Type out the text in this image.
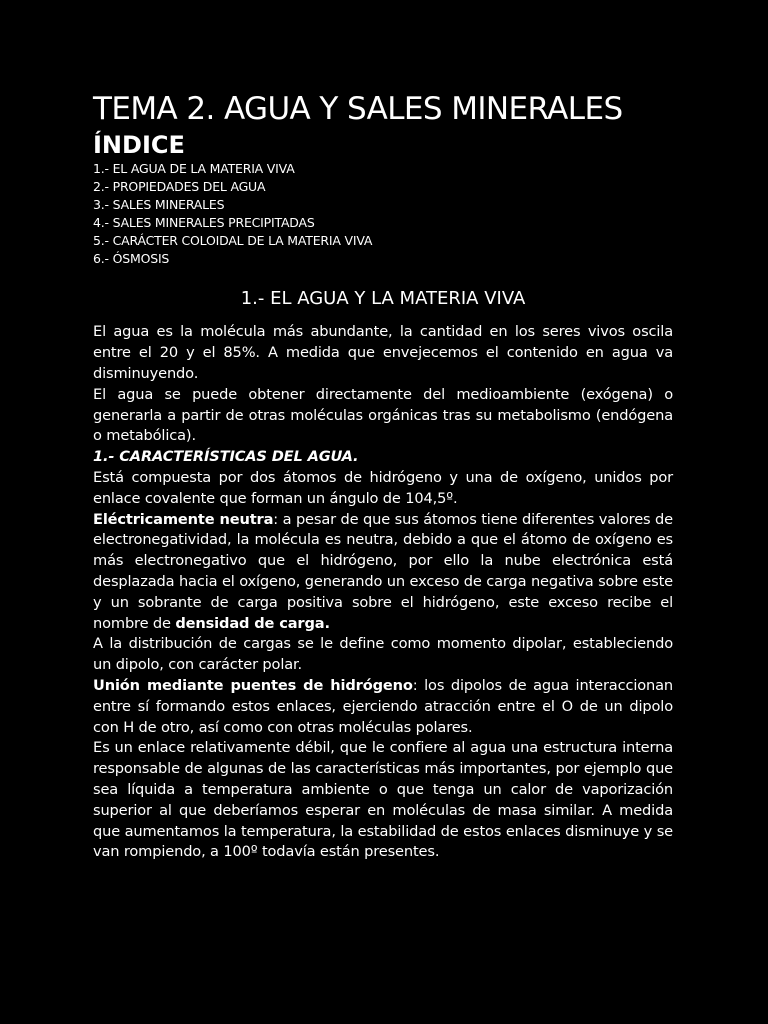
TEMA 2. AGUA Y SALES MINERALES
ÍNDICE
1.- EL AGUA DE LA MATERIA VIVA
2.- PROPIEDADES DEL AGUA
3.- SALES MINERALES
4.- SALES MINERALES PRECIPITADAS
5.- CARÁCTER COLOIDAL DE LA MATERIA VIVA
6.- ÓSMOSIS
1.- EL AGUA Y LA MATERIA VIVA

El agua es la molécula más abundante, la cantidad en los seres vivos oscila entre el 20 y el 85%. A medida que envejecemos el contenido en agua va disminuyendo.

El agua se puede obtener directamente del medioambiente (exógena) o generarla a partir de otras moléculas orgánicas tras su metabolismo (endógena o metabólica).

1.- CARACTERÍSTICAS DEL AGUA.

Está compuesta por dos átomos de hidrógeno y una de oxígeno, unidos por enlace covalente que forman un ángulo de 104,5º.

Eléctricamente neutra: a pesar de que sus átomos tiene diferentes valores de electronegatividad, la molécula es neutra, debido a que el átomo de oxígeno es más electronegativo que el hidrógeno, por ello la nube electrónica está desplazada hacia el oxígeno, generando un exceso de carga negativa sobre este y un sobrante de carga positiva sobre el hidrógeno, este exceso recibe el nombre de densidad de carga.

A la distribución de cargas se le define como momento dipolar, estableciendo un dipolo, con carácter polar.

Unión mediante puentes de hidrógeno: los dipolos de agua interaccionan entre sí formando estos enlaces, ejerciendo atracción entre el O de un dipolo con H de otro, así como con otras moléculas polares.

Es un enlace relativamente débil, que le confiere al agua una estructura interna responsable de algunas de las características más importantes, por ejemplo que sea líquida a temperatura ambiente o que tenga un calor de vaporización superior al que deberíamos esperar en moléculas de masa similar. A medida que aumentamos la temperatura, la estabilidad de estos enlaces disminuye y se van rompiendo, a 100º todavía están presentes.
